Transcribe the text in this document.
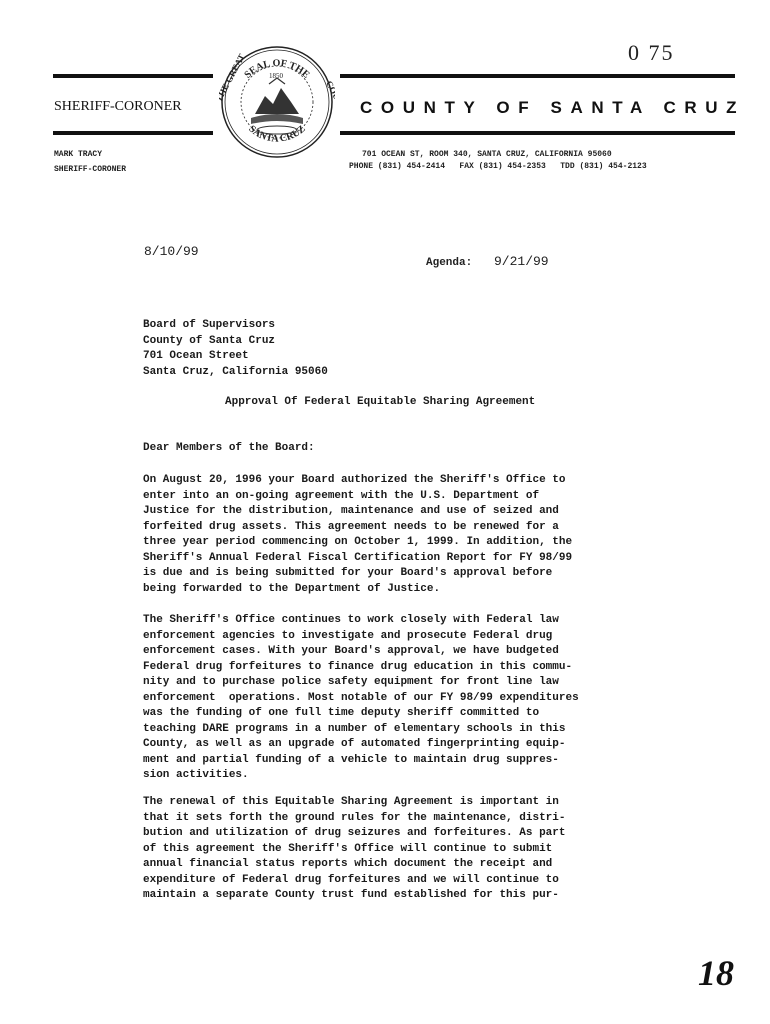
0 75
SHERIFF-CORONER	COUNTY OF SANTA CRUZ
SEAL OF THE
THE GREAT
COUNTY
SANTA CRUZ
1850
MARK TRACY
SHERIFF-CORONER
701 OCEAN ST, ROOM 340, SANTA CRUZ, CALIFORNIA 95060
PHONE (831) 454-2414   FAX (831) 454-2353   TDD (831) 454-2123
8/10/99
Agenda: 9/21/99
Board of Supervisors
County of Santa Cruz
701 Ocean Street
Santa Cruz, California 95060
Approval Of Federal Equitable Sharing Agreement
Dear Members of the Board:
On August 20, 1996 your Board authorized the Sheriff's Office to
enter into an on-going agreement with the U.S. Department of
Justice for the distribution, maintenance and use of seized and
forfeited drug assets. This agreement needs to be renewed for a
three year period commencing on October 1, 1999. In addition, the
Sheriff's Annual Federal Fiscal Certification Report for FY 98/99
is due and is being submitted for your Board's approval before
being forwarded to the Department of Justice.
The Sheriff's Office continues to work closely with Federal law
enforcement agencies to investigate and prosecute Federal drug
enforcement cases. With your Board's approval, we have budgeted
Federal drug forfeitures to finance drug education in this commu-
nity and to purchase police safety equipment for front line law
enforcement  operations. Most notable of our FY 98/99 expenditures
was the funding of one full time deputy sheriff committed to
teaching DARE programs in a number of elementary schools in this
County, as well as an upgrade of automated fingerprinting equip-
ment and partial funding of a vehicle to maintain drug suppres-
sion activities.
The renewal of this Equitable Sharing Agreement is important in
that it sets forth the ground rules for the maintenance, distri-
bution and utilization of drug seizures and forfeitures. As part
of this agreement the Sheriff's Office will continue to submit
annual financial status reports which document the receipt and
expenditure of Federal drug forfeitures and we will continue to
maintain a separate County trust fund established for this pur-
18
